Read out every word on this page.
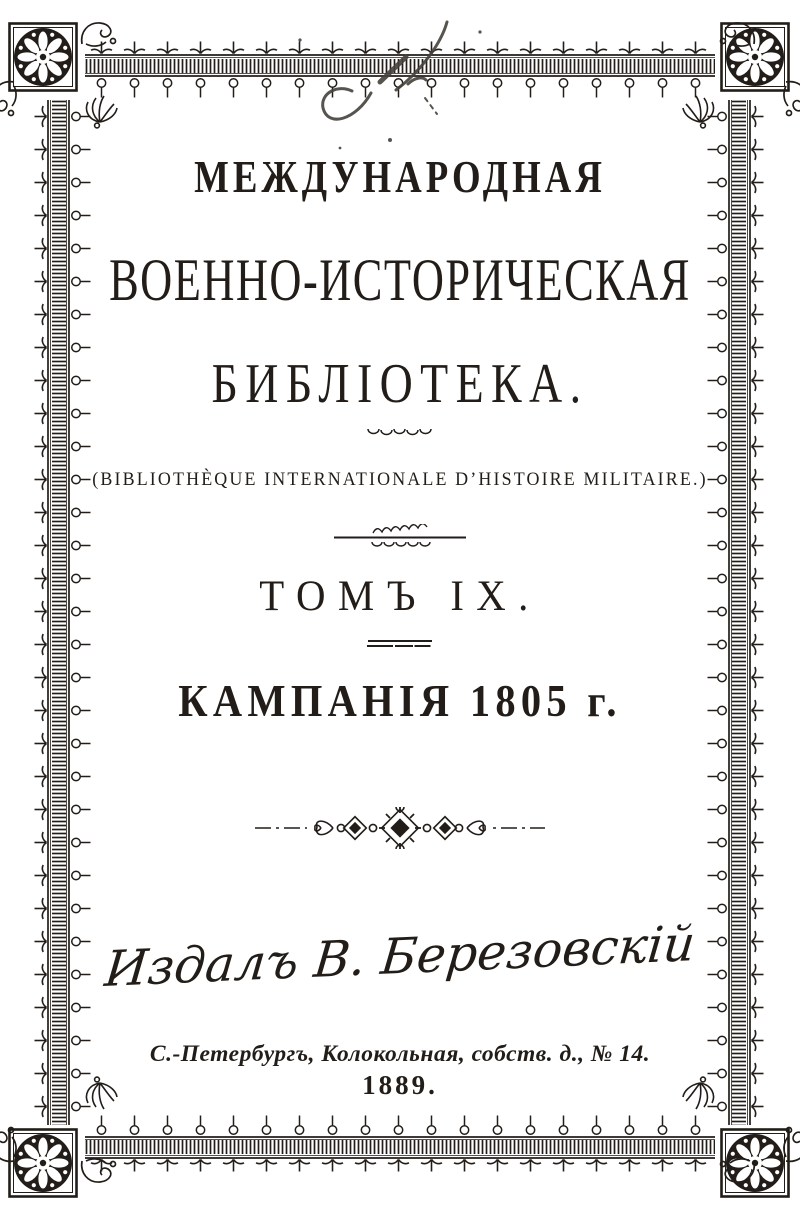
МЕЖДУНАРОДНАЯ
ВОЕННО-ИСТОРИЧЕСКАЯ
БИБЛІОТЕКА.
(BIBLIOTHÈQUE INTERNATIONALE D’HISTOIRE MILITAIRE.)
ТОМЪ IX.
КАМПАНІЯ 1805 г.
Издалъ В. Березовскій
С.-Петербургъ, Колокольная, собств. д., № 14.
1889.
